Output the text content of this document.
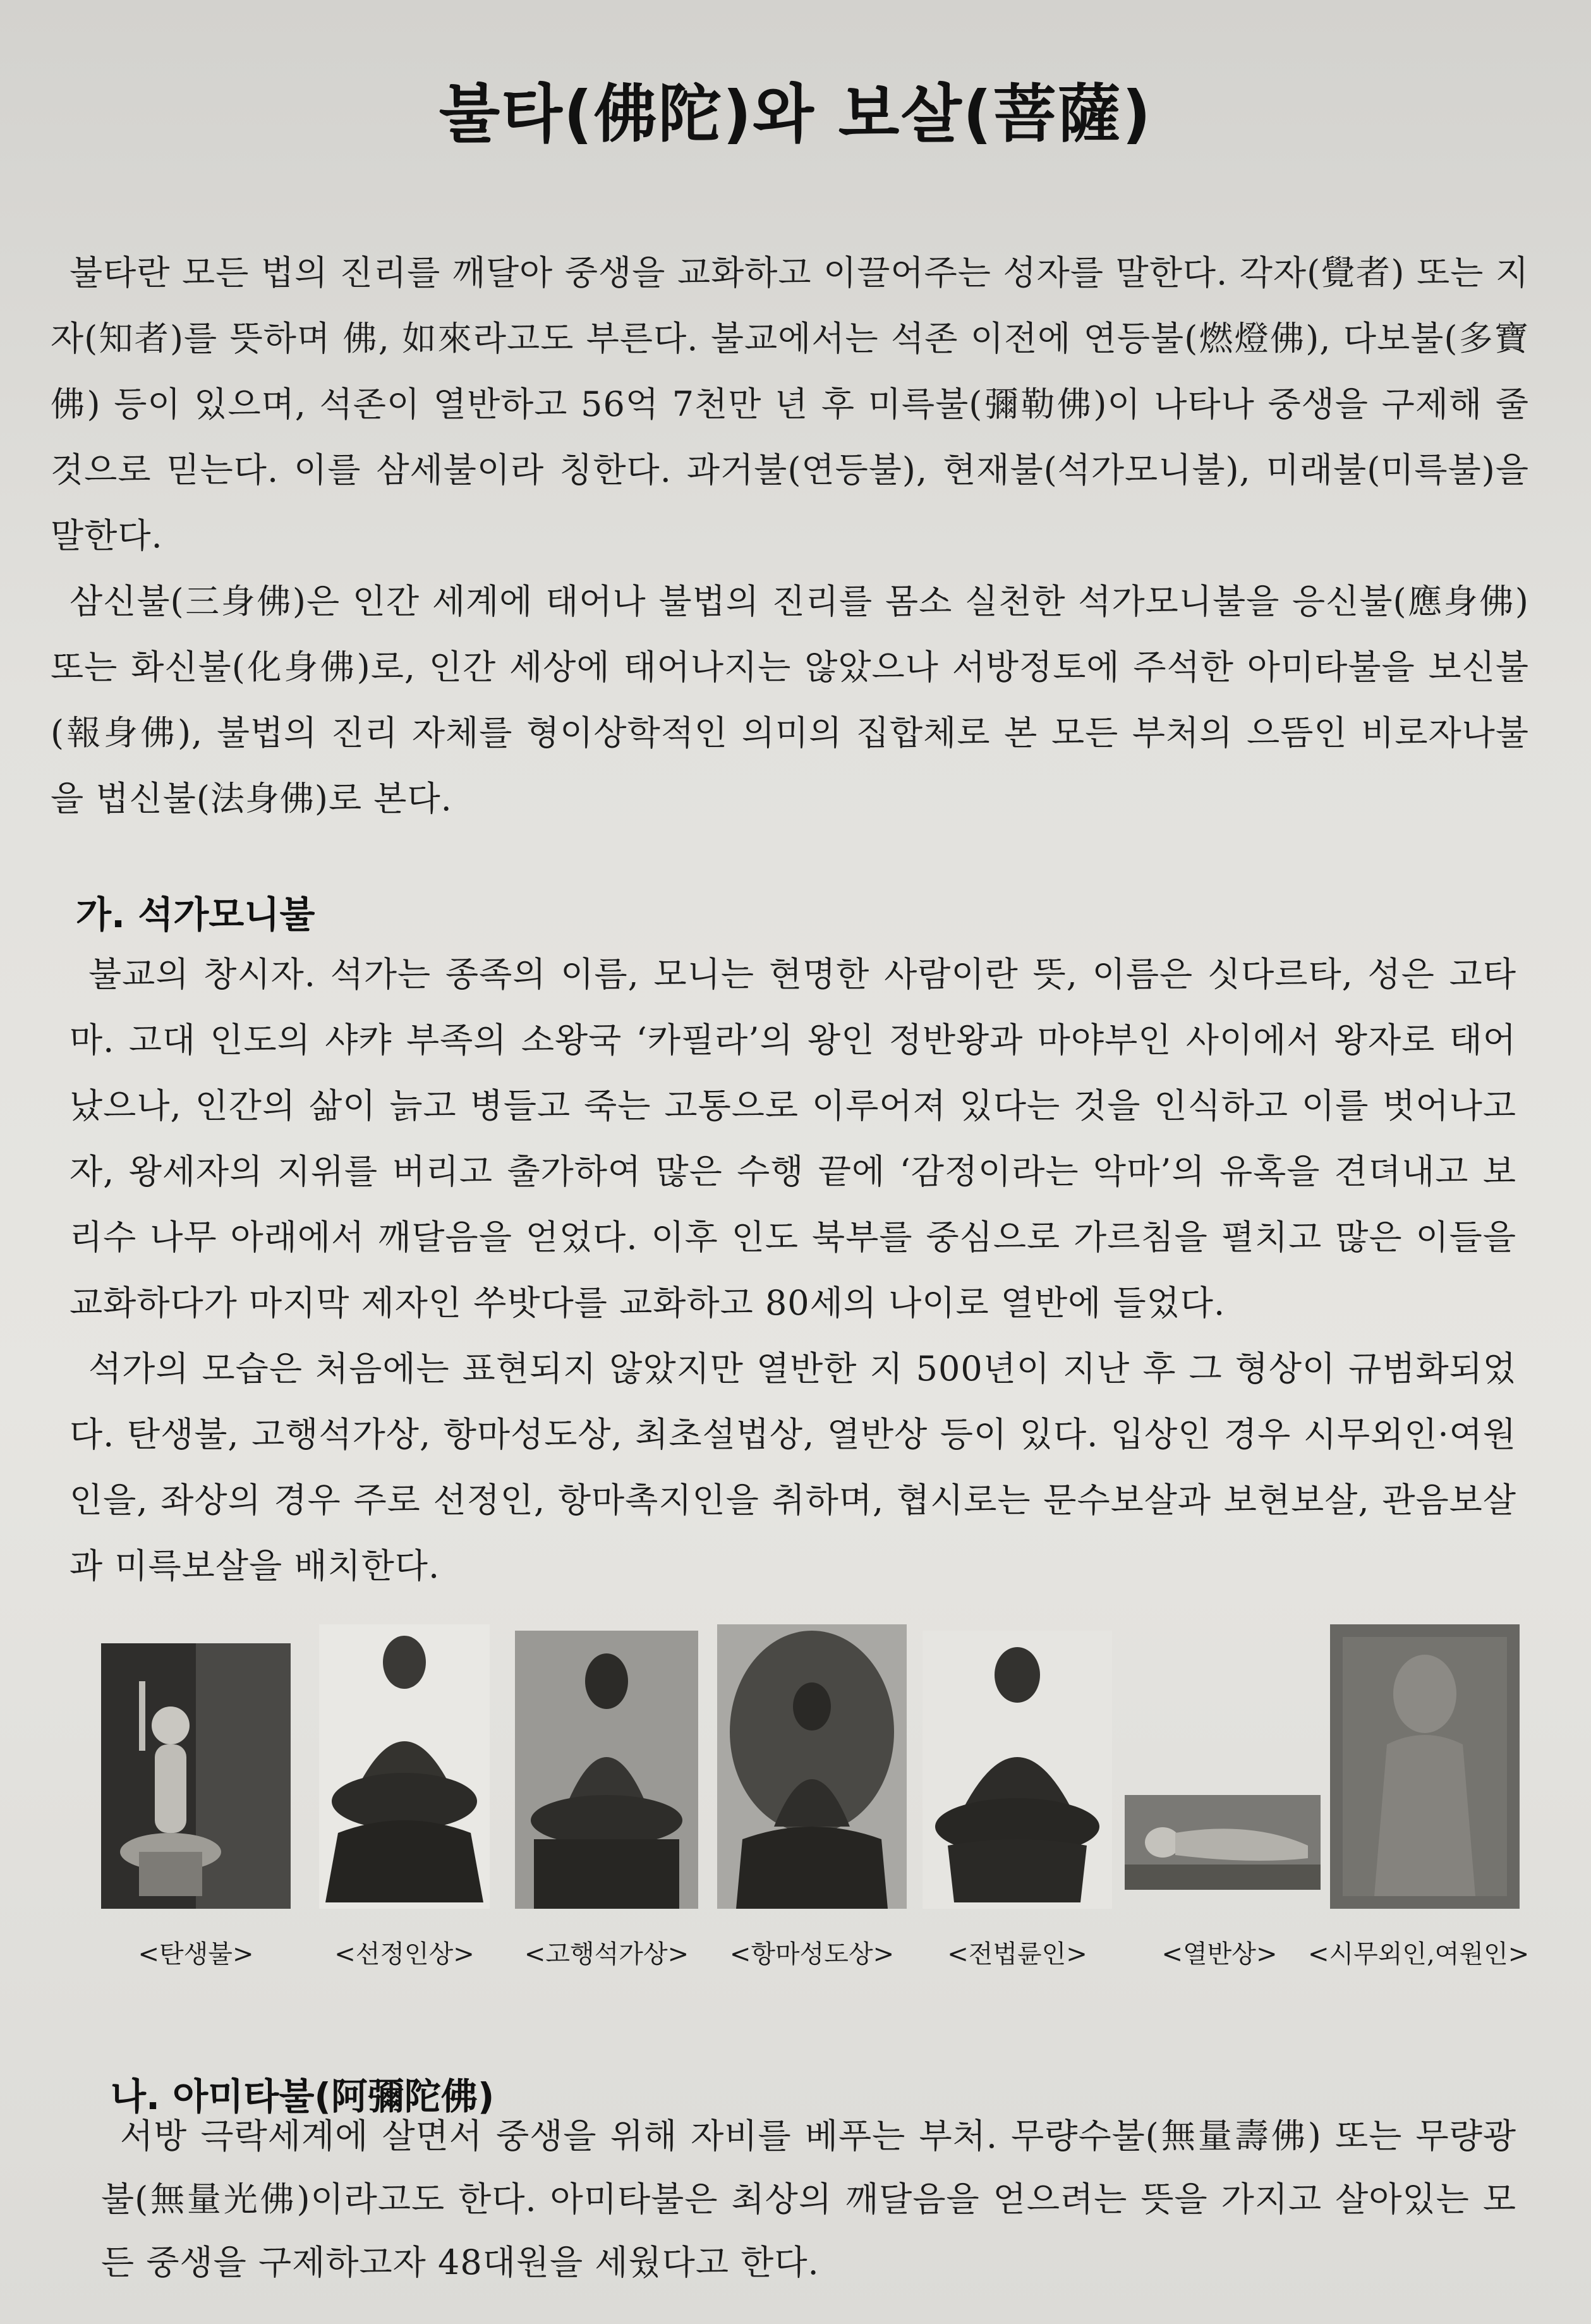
불타(佛陀)와 보살(菩薩)

불타란 모든 법의 진리를 깨달아 중생을 교화하고 이끌어주는 성자를 말한다. 각자(覺者) 또는 지자(知者)를 뜻하며 佛, 如來라고도 부른다. 불교에서는 석존 이전에 연등불(燃燈佛), 다보불(多寶佛) 등이 있으며, 석존이 열반하고 56억 7천만 년 후 미륵불(彌勒佛)이 나타나 중생을 구제해 줄 것으로 믿는다. 이를 삼세불이라 칭한다. 과거불(연등불), 현재불(석가모니불), 미래불(미륵불)을 말한다.

삼신불(三身佛)은 인간 세계에 태어나 불법의 진리를 몸소 실천한 석가모니불을 응신불(應身佛) 또는 화신불(化身佛)로, 인간 세상에 태어나지는 않았으나 서방정토에 주석한 아미타불을 보신불(報身佛), 불법의 진리 자체를 형이상학적인 의미의 집합체로 본 모든 부처의 으뜸인 비로자나불을 법신불(法身佛)로 본다.

가. 석가모니불

불교의 창시자. 석가는 종족의 이름, 모니는 현명한 사람이란 뜻, 이름은 싯다르타, 성은 고타마. 고대 인도의 샤캬 부족의 소왕국 ‘카필라’의 왕인 정반왕과 마야부인 사이에서 왕자로 태어났으나, 인간의 삶이 늙고 병들고 죽는 고통으로 이루어져 있다는 것을 인식하고 이를 벗어나고자, 왕세자의 지위를 버리고 출가하여 많은 수행 끝에 ‘감정이라는 악마’의 유혹을 견뎌내고 보리수 나무 아래에서 깨달음을 얻었다. 이후 인도 북부를 중심으로 가르침을 펼치고 많은 이들을 교화하다가 마지막 제자인 쑤밧다를 교화하고 80세의 나이로 열반에 들었다.

석가의 모습은 처음에는 표현되지 않았지만 열반한 지 500년이 지난 후 그 형상이 규범화되었다. 탄생불, 고행석가상, 항마성도상, 최초설법상, 열반상 등이 있다. 입상인 경우 시무외인·여원인을, 좌상의 경우 주로 선정인, 항마촉지인을 취하며, 협시로는 문수보살과 보현보살, 관음보살과 미륵보살을 배치한다.

<탄생불>	<선정인상>	<고행석가상>	<항마성도상>	<전법륜인>	<열반상>	<시무외인,여원인>
나. 아미타불(阿彌陀佛)

서방 극락세계에 살면서 중생을 위해 자비를 베푸는 부처. 무량수불(無量壽佛) 또는 무량광불(無量光佛)이라고도 한다. 아미타불은 최상의 깨달음을 얻으려는 뜻을 가지고 살아있는 모든 중생을 구제하고자 48대원을 세웠다고 한다.
